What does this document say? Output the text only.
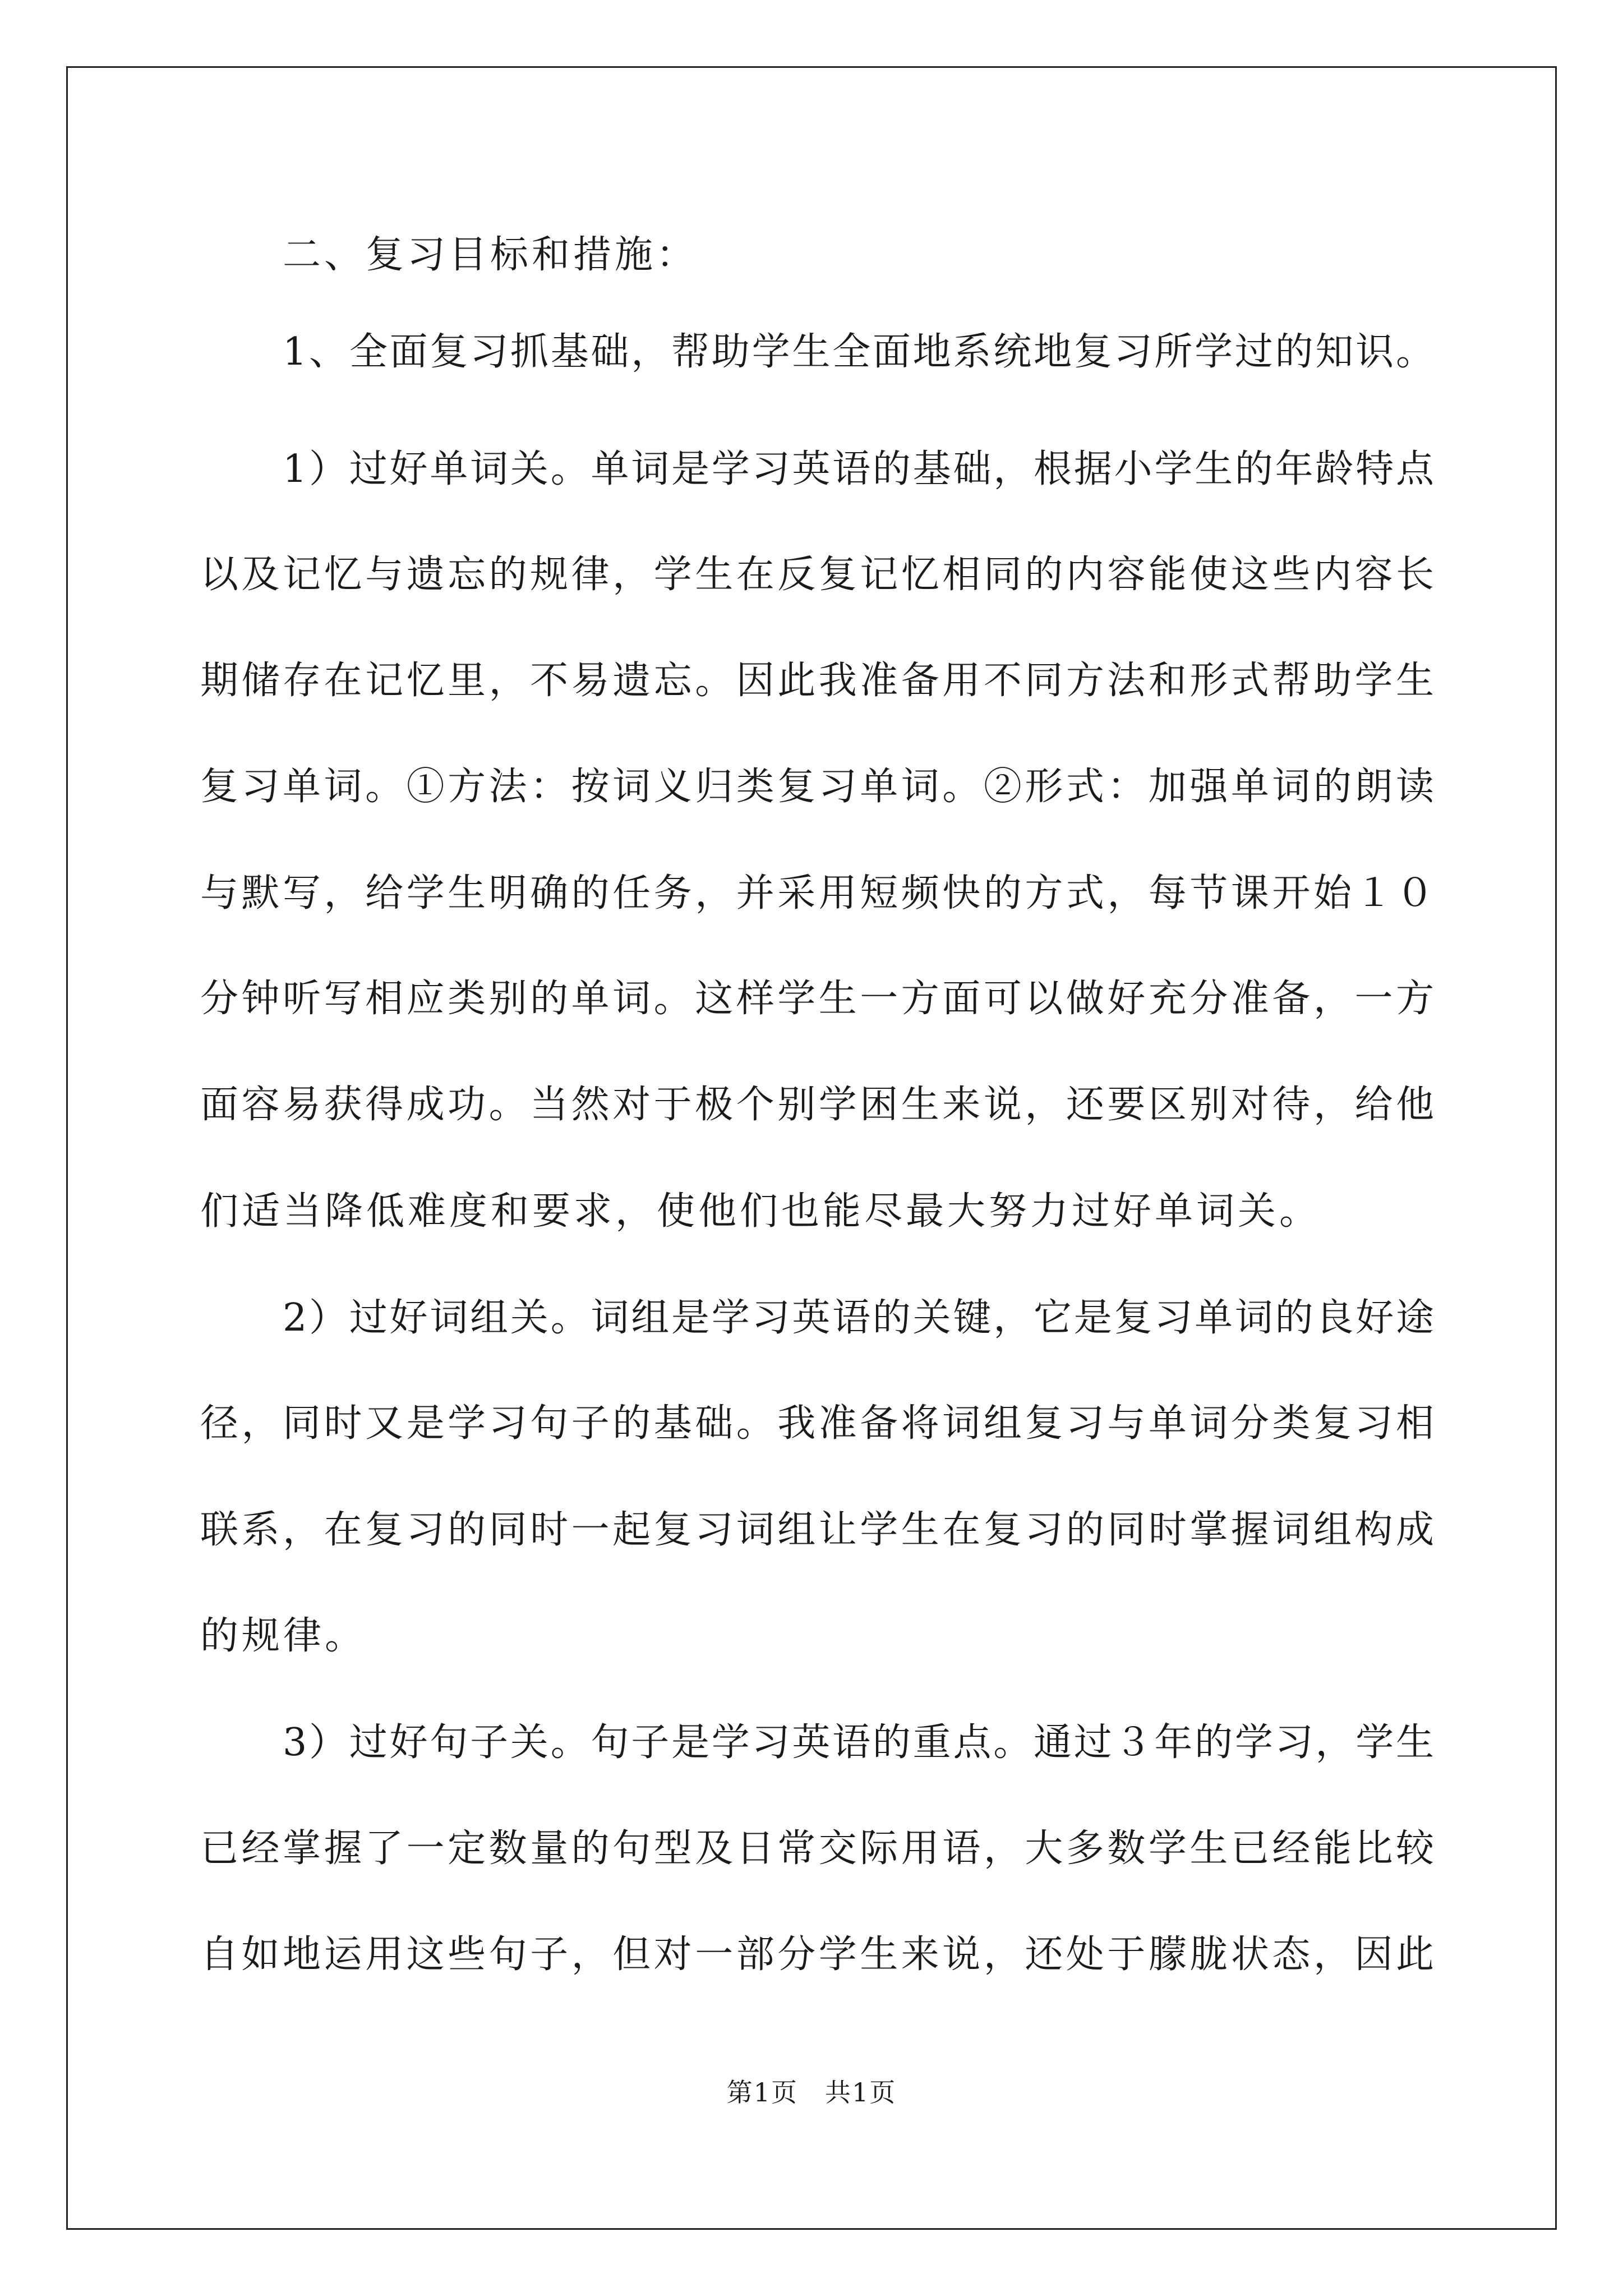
二、复习目标和措施：
1、全面复习抓基础，帮助学生全面地系统地复习所学过的知识。
1）过好单词关。单词是学习英语的基础，根据小学生的年龄特点
以及记忆与遗忘的规律，学生在反复记忆相同的内容能使这些内容长
期储存在记忆里，不易遗忘。因此我准备用不同方法和形式帮助学生
复习单词。①方法：按词义归类复习单词。②形式：加强单词的朗读
与默写，给学生明确的任务，并采用短频快的方式，每节课开始１０
分钟听写相应类别的单词。这样学生一方面可以做好充分准备，一方
面容易获得成功。当然对于极个别学困生来说，还要区别对待，给他
们适当降低难度和要求，使他们也能尽最大努力过好单词关。
2）过好词组关。词组是学习英语的关键，它是复习单词的良好途
径，同时又是学习句子的基础。我准备将词组复习与单词分类复习相
联系，在复习的同时一起复习词组让学生在复习的同时掌握词组构成
的规律。
3）过好句子关。句子是学习英语的重点。通过３年的学习，学生
已经掌握了一定数量的句型及日常交际用语，大多数学生已经能比较
自如地运用这些句子，但对一部分学生来说，还处于朦胧状态，因此
第1页　共1页
